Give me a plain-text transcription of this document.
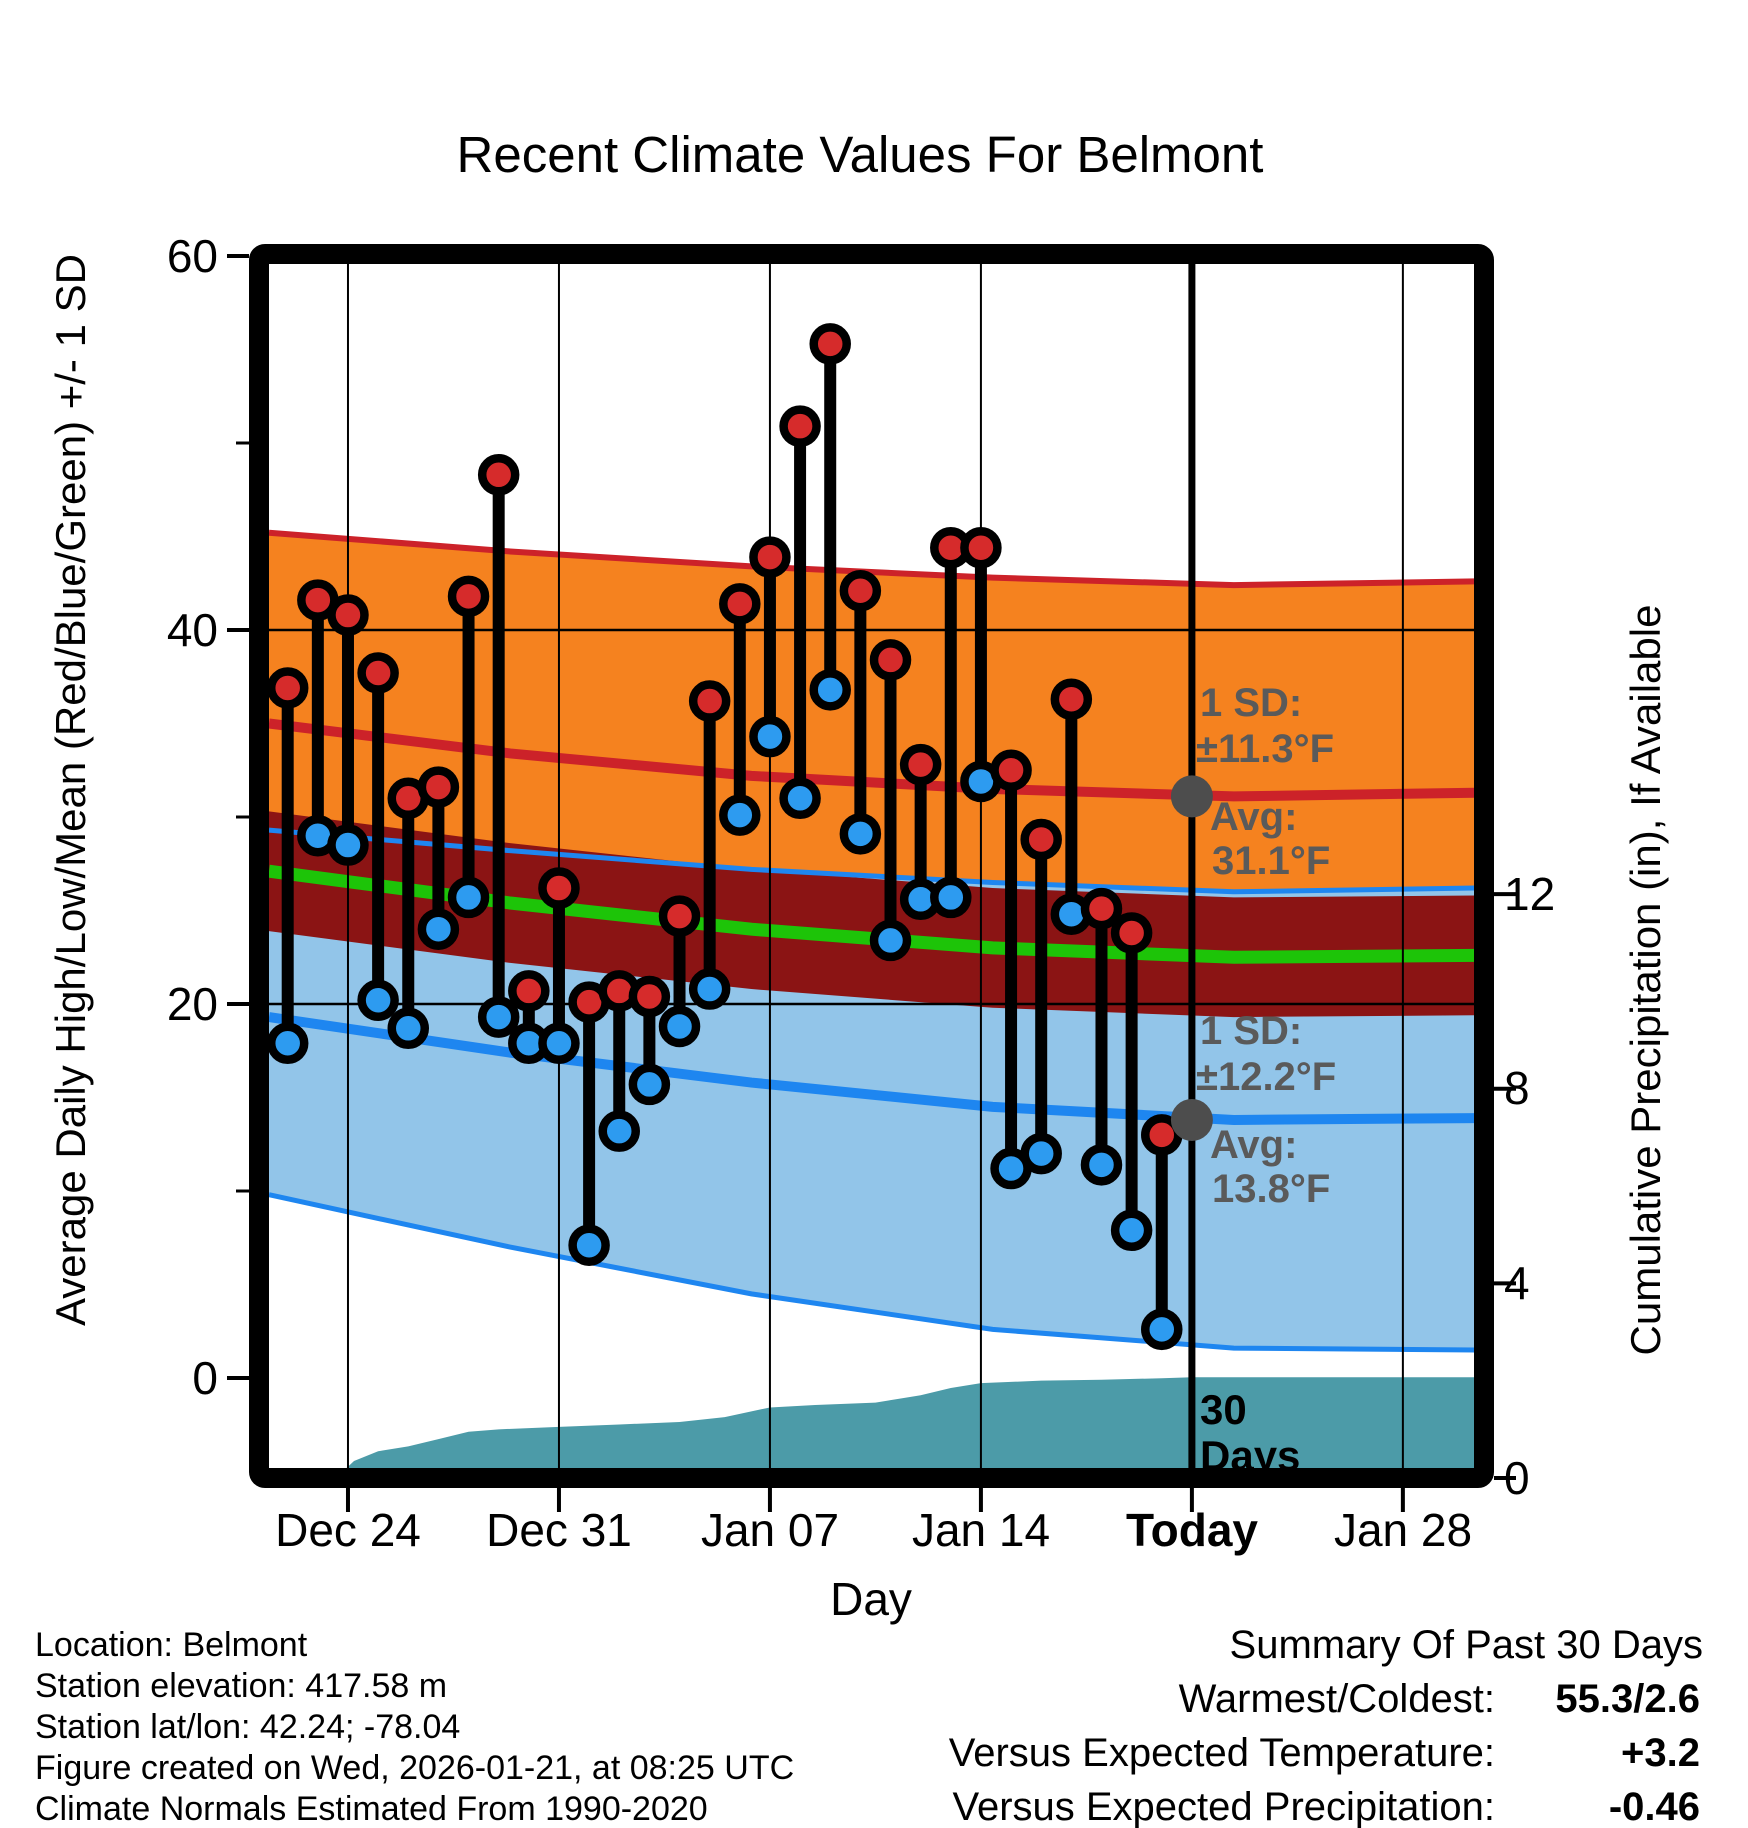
Recent Climate Values For Belmont
60
40
20
0
12
8
4
0
Dec 24 Dec 31 Jan 07 Jan 14 Today Jan 28
Day
Average Daily High/Low/Mean (Red/Blue/Green) +/- 1 SD	Cumulative Precipitation (in), If Available
1 SD:
±11.3°F
Avg:
31.1°F
1 SD:
±12.2°F
Avg:
13.8°F
30
Days
Location: Belmont
Station elevation: 417.58 m
Station lat/lon: 42.24; -78.04
Figure created on Wed, 2026-01-21, at 08:25 UTC
Climate Normals Estimated From 1990-2020
Summary Of Past 30 Days
Warmest/Coldest: 55.3/2.6
Versus Expected Temperature:	+3.2
Versus Expected Precipitation:	-0.46
